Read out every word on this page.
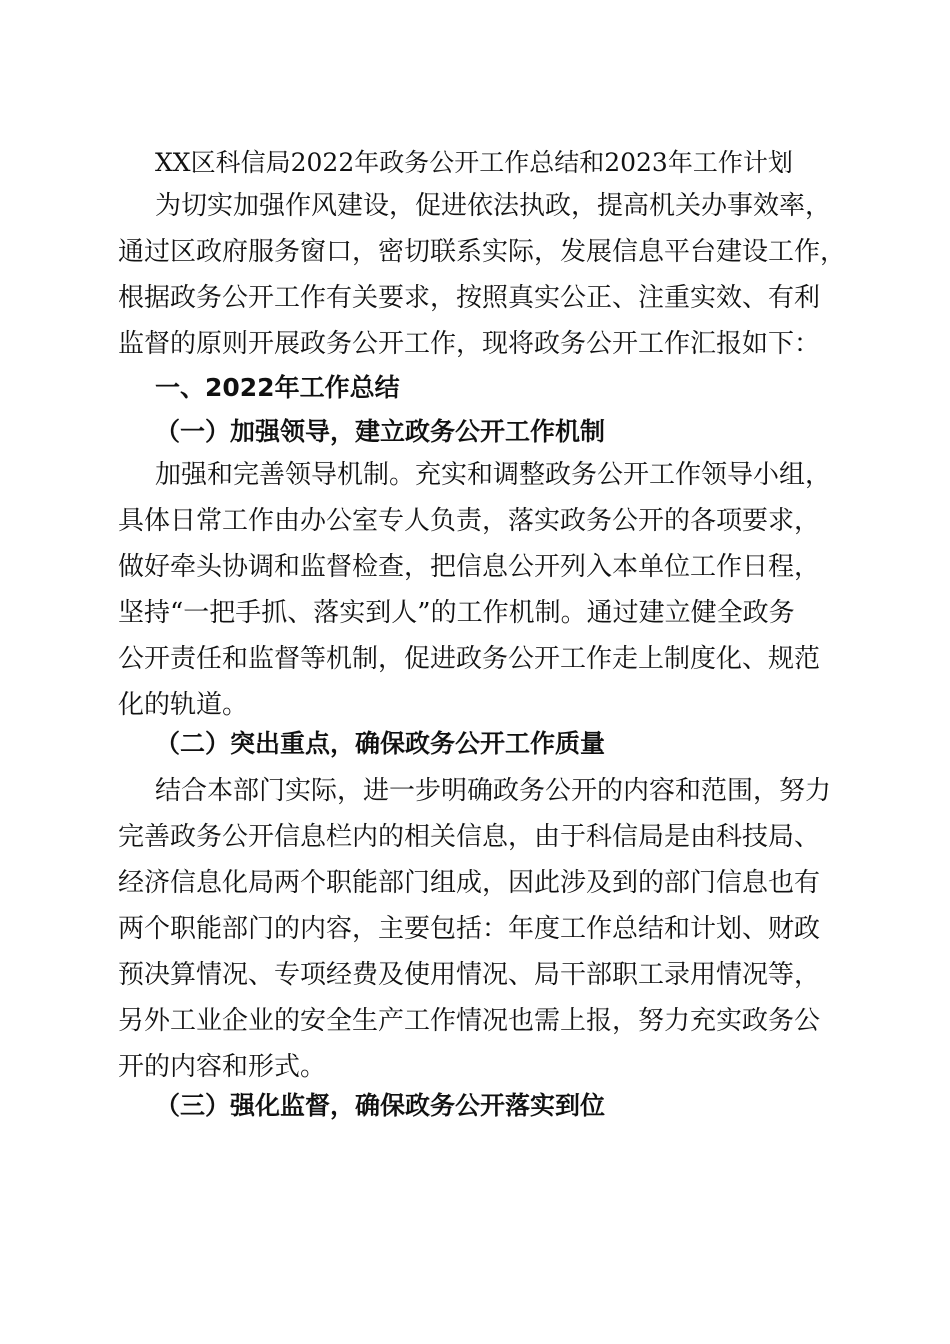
XX区科信局2022年政务公开工作总结和2023年工作计划
为切实加强作风建设，促进依法执政，提高机关办事效率，
通过区政府服务窗口，密切联系实际，发展信息平台建设工作，
根据政务公开工作有关要求，按照真实公正、注重实效、有利
监督的原则开展政务公开工作，现将政务公开工作汇报如下：
一、2022年工作总结
（一）加强领导，建立政务公开工作机制
加强和完善领导机制。充实和调整政务公开工作领导小组，
具体日常工作由办公室专人负责，落实政务公开的各项要求，
做好牵头协调和监督检查，把信息公开列入本单位工作日程，
坚持“一把手抓、落实到人”的工作机制。通过建立健全政务
公开责任和监督等机制，促进政务公开工作走上制度化、规范
化的轨道。
（二）突出重点，确保政务公开工作质量
结合本部门实际，进一步明确政务公开的内容和范围，努力
完善政务公开信息栏内的相关信息，由于科信局是由科技局、
经济信息化局两个职能部门组成，因此涉及到的部门信息也有
两个职能部门的内容，主要包括：年度工作总结和计划、财政
预决算情况、专项经费及使用情况、局干部职工录用情况等，
另外工业企业的安全生产工作情况也需上报，努力充实政务公
开的内容和形式。
（三）强化监督，确保政务公开落实到位
